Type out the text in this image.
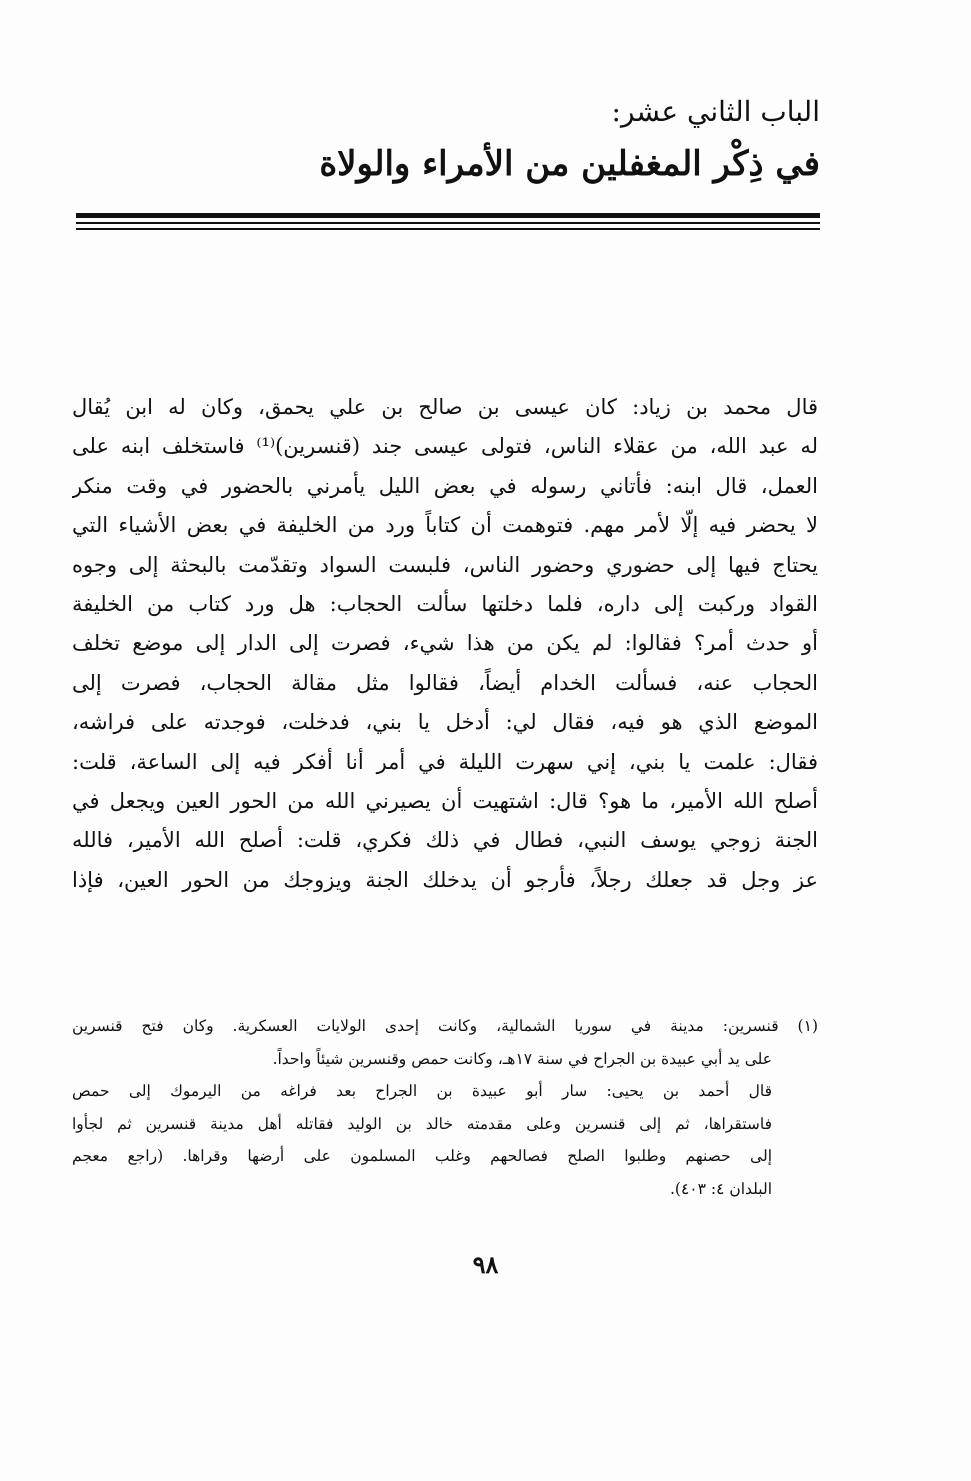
الباب الثاني عشر:

في ذِكْر المغفلين من الأمراء والولاة

قال محمد بن زياد: كان عيسى بن صالح بن علي يحمق، وكان له ابن يُقال

له عبد الله، من عقلاء الناس، فتولى عيسى جند (قنسرين)⁽¹⁾ فاستخلف ابنه على

العمل، قال ابنه: فأتاني رسوله في بعض الليل يأمرني بالحضور في وقت منكر

لا يحضر فيه إلّا لأمر مهم. فتوهمت أن كتاباً ورد من الخليفة في بعض الأشياء التي

يحتاج فيها إلى حضوري وحضور الناس، فلبست السواد وتقدّمت بالبحثة إلى وجوه

القواد وركبت إلى داره، فلما دخلتها سألت الحجاب: هل ورد كتاب من الخليفة

أو حدث أمر؟ فقالوا: لم يكن من هذا شيء، فصرت إلى الدار إلى موضع تخلف

الحجاب عنه، فسألت الخدام أيضاً، فقالوا مثل مقالة الحجاب، فصرت إلى

الموضع الذي هو فيه، فقال لي: أدخل يا بني، فدخلت، فوجدته على فراشه،

فقال: علمت يا بني، إني سهرت الليلة في أمر أنا أفكر فيه إلى الساعة، قلت:

أصلح الله الأمير، ما هو؟ قال: اشتهيت أن يصيرني الله من الحور العين ويجعل في

الجنة زوجي يوسف النبي، فطال في ذلك فكري، قلت: أصلح الله الأمير، فالله

عز وجل قد جعلك رجلاً، فأرجو أن يدخلك الجنة ويزوجك من الحور العين، فإذا

(١) قنسرين: مدينة في سوريا الشمالية، وكانت إحدى الولايات العسكرية. وكان فتح قنسرين

على يد أبي عبيدة بن الجراح في سنة ١٧هـ، وكانت حمص وقنسرين شيئاً واحداً.

قال أحمد بن يحيى: سار أبو عبيدة بن الجراح بعد فراغه من اليرموك إلى حمص

فاستقراها، ثم إلى قنسرين وعلى مقدمته خالد بن الوليد فقاتله أهل مدينة قنسرين ثم لجأوا

إلى حصنهم وطلبوا الصلح فصالحهم وغلب المسلمون على أرضها وقراها. (راجع معجم

البلدان ٤: ٤٠٣).

٩٨
